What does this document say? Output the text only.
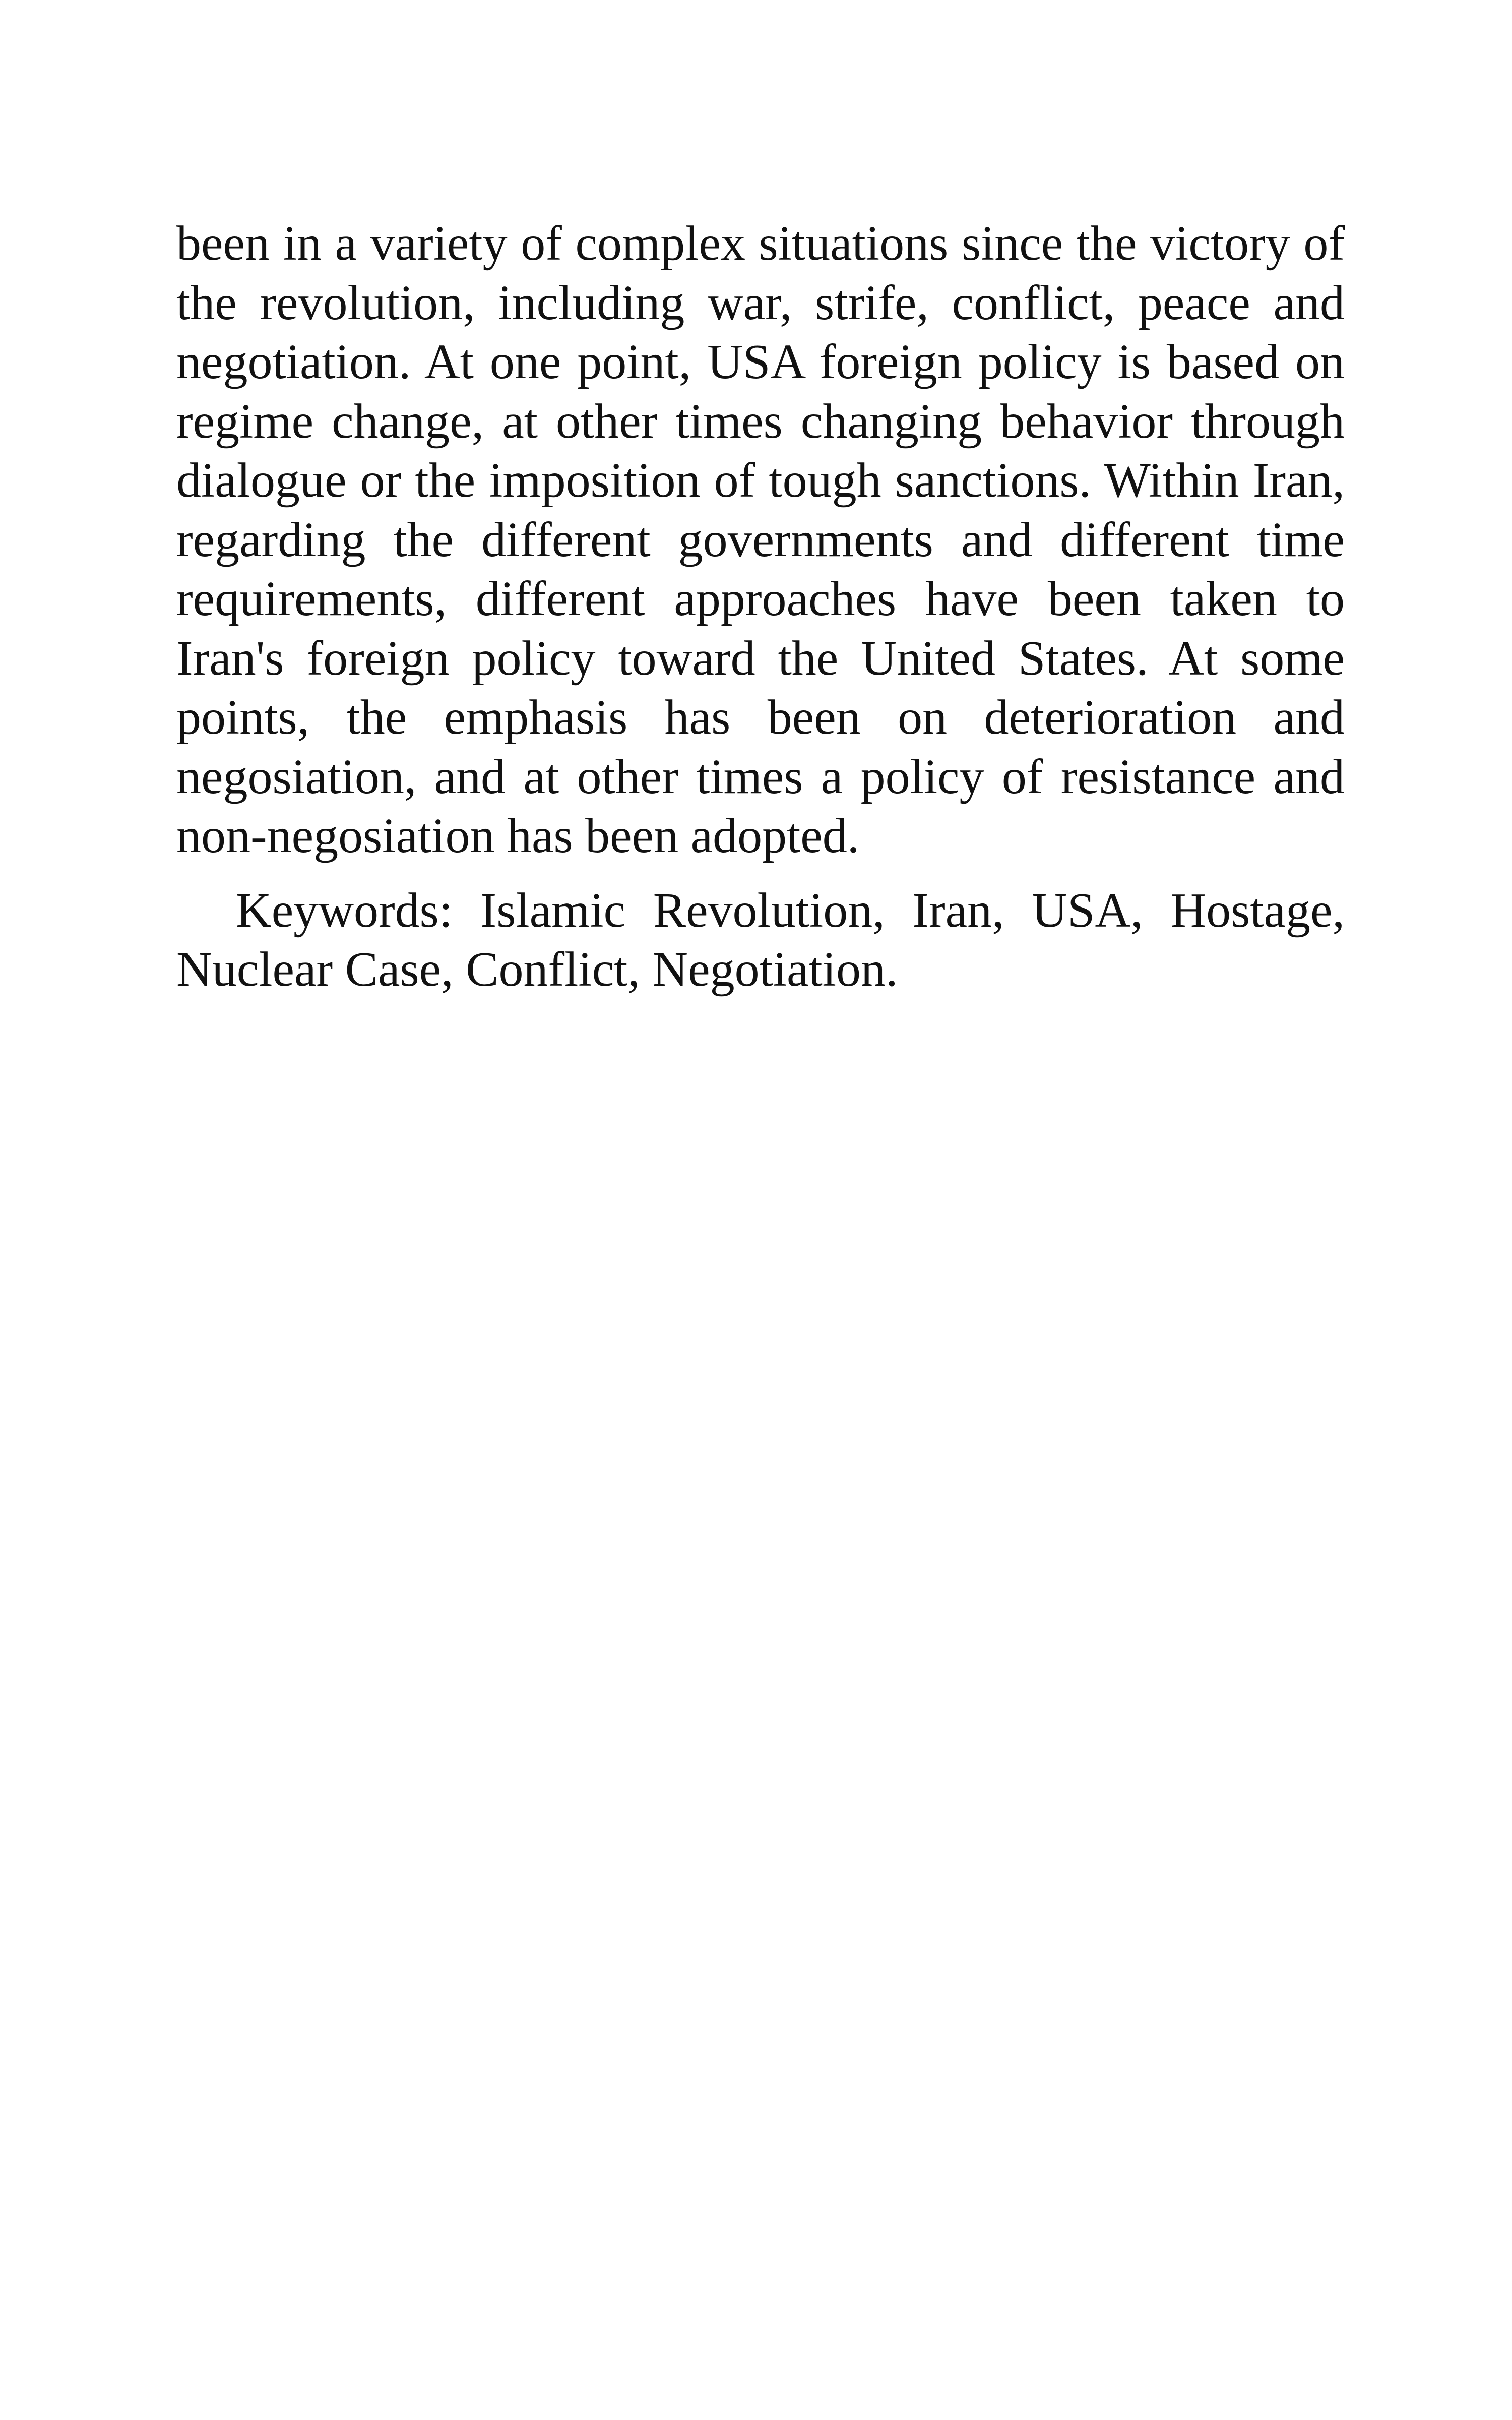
been in a variety of complex situations since the victory of the revolution, including war, strife, conflict, peace and negotiation. At one point, USA foreign policy is based on regime change, at other times changing behavior through dialogue or the imposition of tough sanctions. Within Iran, regarding the different governments and different time requirements, different approaches have been taken to Iran's foreign policy toward the United States. At some points, the emphasis has been on deterioration and negosiation, and at other times a policy of resistance and non-negosiation has been adopted.

Keywords: Islamic Revolution, Iran, USA, Hostage, Nuclear Case, Conflict, Negotiation.
